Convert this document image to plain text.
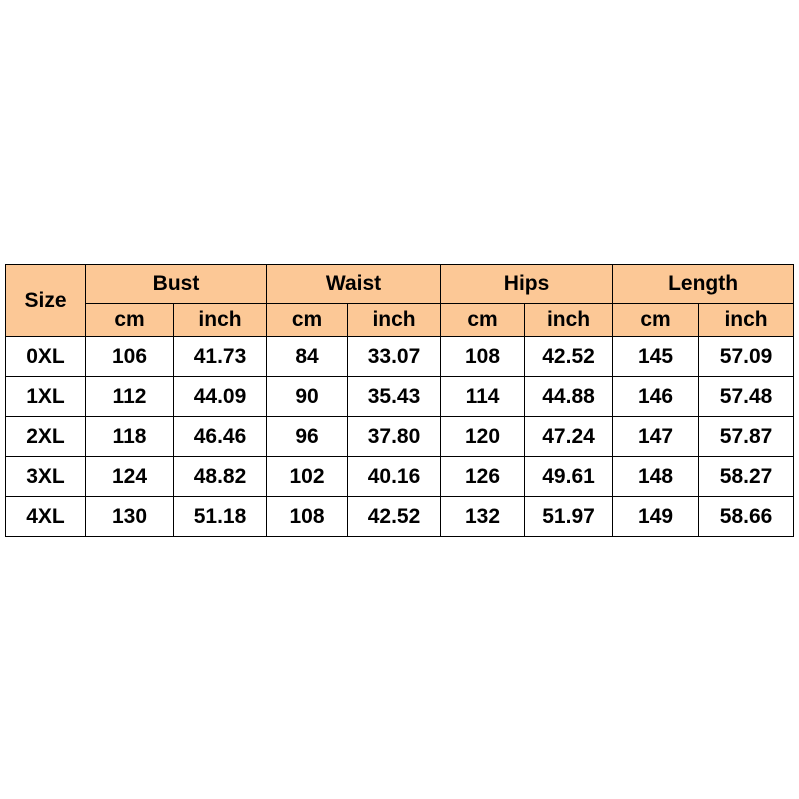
Size	Bust		Waist		Hips		Length	
	cm	inch	cm	inch	cm	inch	cm	inch
0XL	106	41.73	84	33.07	108	42.52	145	57.09
1XL	112	44.09	90	35.43	114	44.88	146	57.48
2XL	118	46.46	96	37.80	120	47.24	147	57.87
3XL	124	48.82	102	40.16	126	49.61	148	58.27
4XL	130	51.18	108	42.52	132	51.97	149	58.66
